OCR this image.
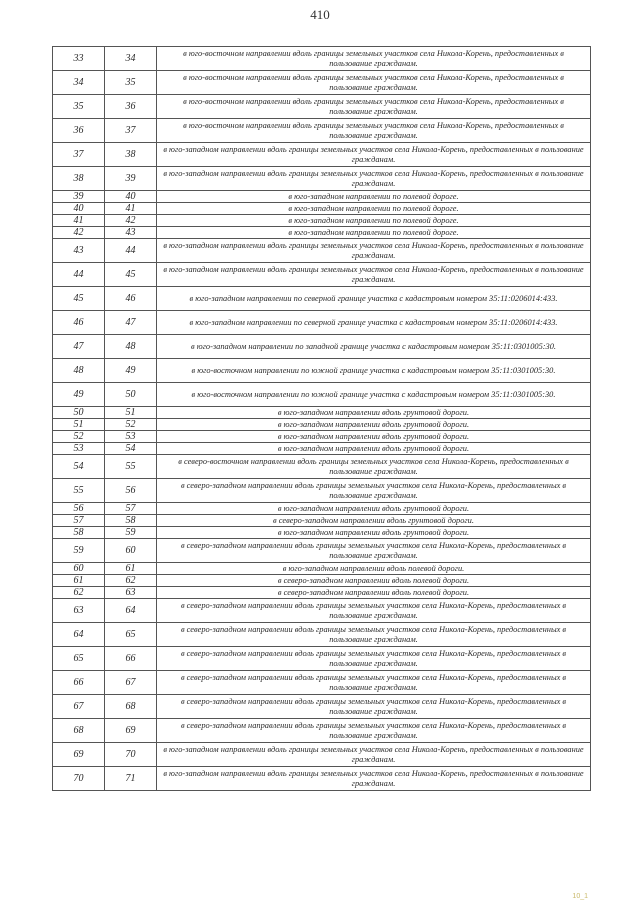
410
33	34	в юго-восточном направлении вдоль границы земельных участков села Никола-Корень, предоставленных в пользование гражданам.
34	35	в юго-восточном направлении вдоль границы земельных участков села Никола-Корень, предоставленных в пользование гражданам.
35	36	в юго-восточном направлении вдоль границы земельных участков села Никола-Корень, предоставленных в пользование гражданам.
36	37	в юго-восточном направлении вдоль границы земельных участков села Никола-Корень, предоставленных в пользование гражданам.
37	38	в юго-западном направлении вдоль границы земельных участков села Никола-Корень, предоставленных в пользование гражданам.
38	39	в юго-западном направлении вдоль границы земельных участков села Никола-Корень, предоставленных в пользование гражданам.
39	40	в юго-западном направлении по полевой дороге.
40	41	в юго-западном направлении по полевой дороге.
41	42	в юго-западном направлении по полевой дороге.
42	43	в юго-западном направлении по полевой дороге.
43	44	в юго-западном направлении вдоль границы земельных участков села Никола-Корень, предоставленных в пользование гражданам.
44	45	в юго-западном направлении вдоль границы земельных участков села Никола-Корень, предоставленных в пользование гражданам.
45	46	в юго-западном направлении по северной границе участка с кадастровым номером 35:11:0206014:433.
46	47	в юго-западном направлении по северной границе участка с кадастровым номером 35:11:0206014:433.
47	48	в юго-западном направлении по западной границе участка с кадастровым номером 35:11:0301005:30.
48	49	в юго-восточном направлении по южной границе участка с кадастровым номером 35:11:0301005:30.
49	50	в юго-восточном направлении по южной границе участка с кадастровым номером 35:11:0301005:30.
50	51	в юго-западном направлении вдоль грунтовой дороги.
51	52	в юго-западном направлении вдоль грунтовой дороги.
52	53	в юго-западном направлении вдоль грунтовой дороги.
53	54	в юго-западном направлении вдоль грунтовой дороги.
54	55	в северо-восточном направлении вдоль границы земельных участков села Никола-Корень, предоставленных в пользование гражданам.
55	56	в северо-западном направлении вдоль границы земельных участков села Никола-Корень, предоставленных в пользование гражданам.
56	57	в юго-западном направлении вдоль грунтовой дороги.
57	58	в северо-западном направлении вдоль грунтовой дороги.
58	59	в юго-западном направлении вдоль грунтовой дороги.
59	60	в северо-западном направлении вдоль границы земельных участков села Никола-Корень, предоставленных в пользование гражданам.
60	61	в юго-западном направлении вдоль полевой дороги.
61	62	в северо-западном направлении вдоль полевой дороги.
62	63	в северо-западном направлении вдоль полевой дороги.
63	64	в северо-западном направлении вдоль границы земельных участков села Никола-Корень, предоставленных в пользование гражданам.
64	65	в северо-западном направлении вдоль границы земельных участков села Никола-Корень, предоставленных в пользование гражданам.
65	66	в северо-западном направлении вдоль границы земельных участков села Никола-Корень, предоставленных в пользование гражданам.
66	67	в северо-западном направлении вдоль границы земельных участков села Никола-Корень, предоставленных в пользование гражданам.
67	68	в северо-западном направлении вдоль границы земельных участков села Никола-Корень, предоставленных в пользование гражданам.
68	69	в северо-западном направлении вдоль границы земельных участков села Никола-Корень, предоставленных в пользование гражданам.
69	70	в юго-западном направлении вдоль границы земельных участков села Никола-Корень, предоставленных в пользование гражданам.
70	71	в юго-западном направлении вдоль границы земельных участков села Никола-Корень, предоставленных в пользование гражданам.
10_1
